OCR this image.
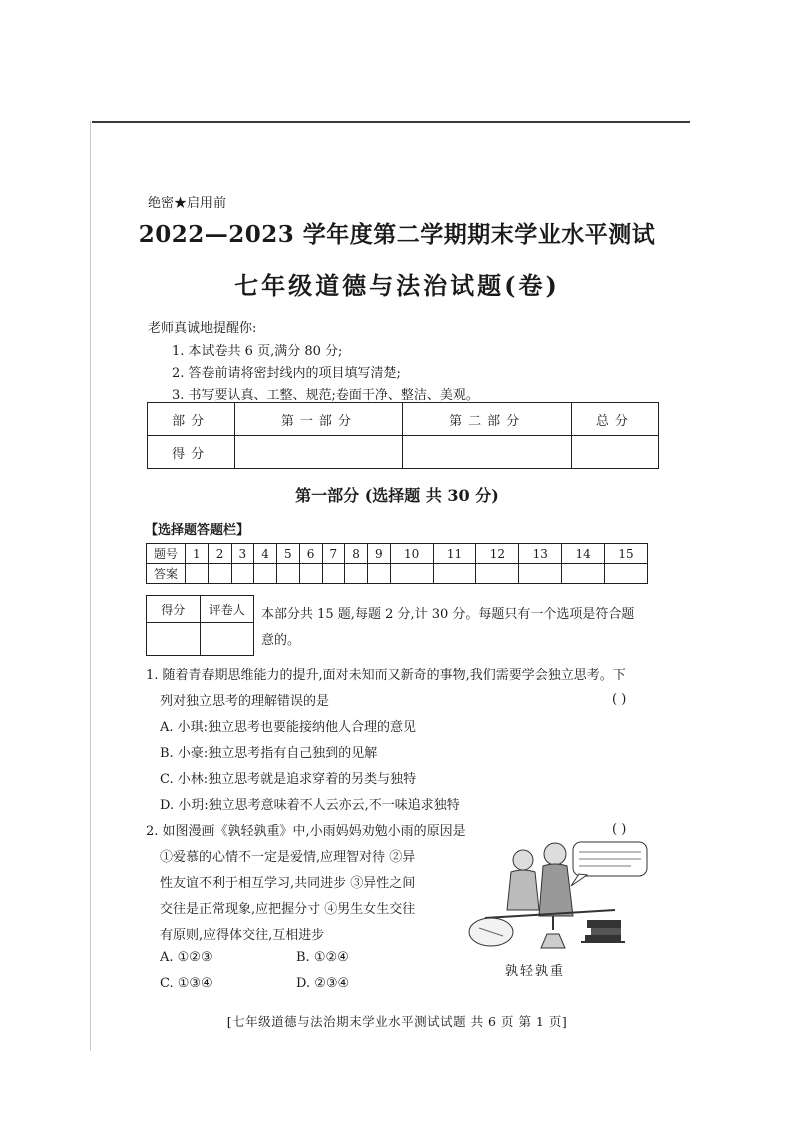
绝密★启用前
2022—2023 学年度第二学期期末学业水平测试
七年级道德与法治试题(卷)
老师真诚地提醒你:
1. 本试卷共 6 页,满分 80 分;
2. 答卷前请将密封线内的项目填写清楚;
3. 书写要认真、工整、规范;卷面干净、整洁、美观。
部分	第一部分	第二部分	总分
得分			
第一部分 (选择题 共 30 分)
【选择题答题栏】
题号	1	2	3	4	5	6	7	8	9	10	11	12	13	14	15
答案															
得分	评卷人
	本部分共 15 题,每题 2 分,计 30 分。每题只有一个选项是符合题
意的。
1. 随着青春期思维能力的提升,面对未知而又新奇的事物,我们需要学会独立思考。下
列对独立思考的理解错误的是	( )
A. 小琪:独立思考也要能接纳他人合理的意见
B. 小豪:独立思考指有自己独到的见解
C. 小林:独立思考就是追求穿着的另类与独特
D. 小玥:独立思考意味着不人云亦云,不一味追求独特
2. 如图漫画《孰轻孰重》中,小雨妈妈劝勉小雨的原因是	( )
①爱慕的心情不一定是爱情,应理智对待 ②异
性友谊不利于相互学习,共同进步 ③异性之间
交往是正常现象,应把握分寸 ④男生女生交往
有原则,应得体交往,互相进步
A. ①②③	B. ①②④
C. ①③④	D. ②③④
孰轻孰重
[七年级道德与法治期末学业水平测试试题 共 6 页 第 1 页]
